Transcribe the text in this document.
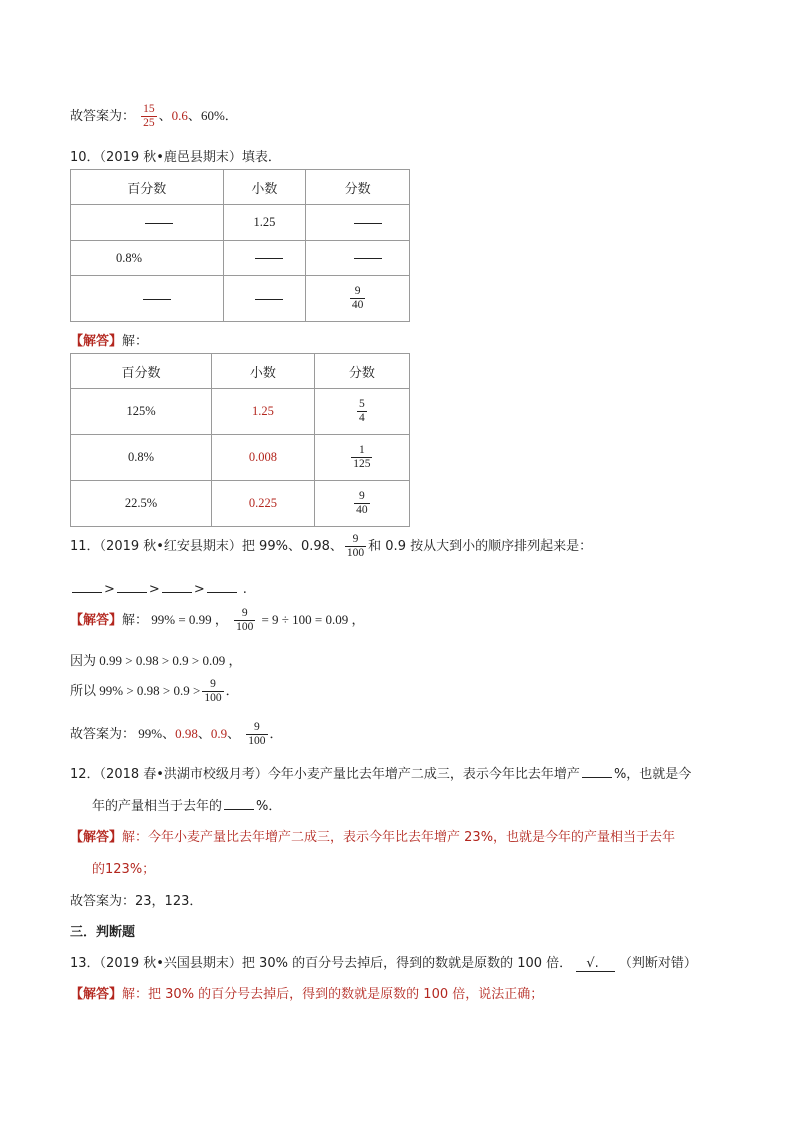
故答案为： $\frac{15}{25}$ 、0.6、60%．
10．（2019 秋•鹿邑县期末）填表．
百分数	小数	分数
	1.25	
0.8%		

		$\frac{9}{40}$
【解答】解：
百分数	小数	分数
125%	1.25	$\frac{5}{4}$

0.8%	0.008	$\frac{1}{125}$

22.5%	0.225	$\frac{9}{40}$
11．（2019 秋•红安县期末）把 99%、0.98、 $\frac{9}{100}$ 和 0.9 按从大到小的顺序排列起来是：
>	>	>	.
【解答】解： 99% = 0.99 ， $\frac{9}{100} = 9 \div 100 = 0.09$ ，
因为 0.99 > 0.98 > 0.9 > 0.09 ，
所以 $99\% > 0.98 > 0.9 > \frac{9}{100}$ ．
故答案为： 99%、0.98、0.9、 $\frac{9}{100}$ ．
12．（2018 春•洪湖市校级月考）今年小麦产量比去年增产二成三，表示今年比去年增产	%，也就是今
年的产量相当于去年的	%．
【解答】解：今年小麦产量比去年增产二成三，表示今年比去年增产 23%，也就是今年的产量相当于去年
的123%；
故答案为：23，123．
三．判断题
13．（2019 秋•兴国县期末）把 30% 的百分号去掉后，得到的数就是原数的 100 倍． √. （判断对错）
【解答】解：把 30% 的百分号去掉后，得到的数就是原数的 100 倍，说法正确；
